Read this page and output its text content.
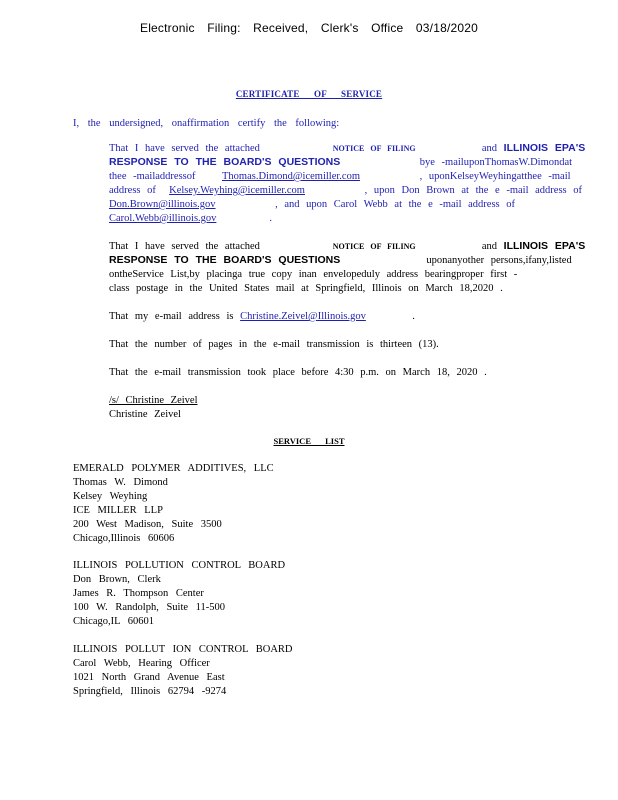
Electronic Filing: Received, Clerk's Office 03/18/2020
CERTIFICATE OF SERVICE
I, the undersigned, onaffirmation certify the following:
That I have served the attached	NOTICE OF FILING	and ILLINOIS EPA'S
RESPONSE TO THE BOARD'S QUESTIONS	bye -mailuponThomasW.Dimondat
thee -mailaddressof	Thomas.Dimond@icemiller.com	, uponKelseyWeyhingatthee -mail
address of Kelsey.Weyhing@icemiller.com	, upon Don Brown at the e -mail address of
Don.Brown@illinois.gov	, and upon Carol Webb at the e -mail address of
Carol.Webb@illinois.gov	.
That I have served the attached	NOTICE OF FILING	and ILLINOIS EPA'S
RESPONSE TO THE BOARD'S QUESTIONS	uponanyother persons,ifany,listed
ontheService List,by placinga true copy inan envelopeduly address bearingproper first -
class postage in the United States mail at Springfield, Illinois on March 18,2020 .
That my e-mail address is Christine.Zeivel@Illinois.gov	.
That the number of pages in the e-mail transmission is thirteen (13).
That the e-mail transmission took place before 4:30 p.m. on March 18, 2020 .
/s/ Christine Zeivel
Christine Zeivel
SERVICE LIST
EMERALD POLYMER ADDITIVES, LLC
Thomas W. Dimond
Kelsey Weyhing
ICE MILLER LLP
200 West Madison, Suite 3500
Chicago,Illinois 60606
ILLINOIS POLLUTION CONTROL BOARD
Don Brown, Clerk
James R. Thompson Center
100 W. Randolph, Suite 11-500
Chicago,IL 60601
ILLINOIS POLLUT ION CONTROL BOARD
Carol Webb, Hearing Officer
1021 North Grand Avenue East
Springfield, Illinois 62794 -9274
